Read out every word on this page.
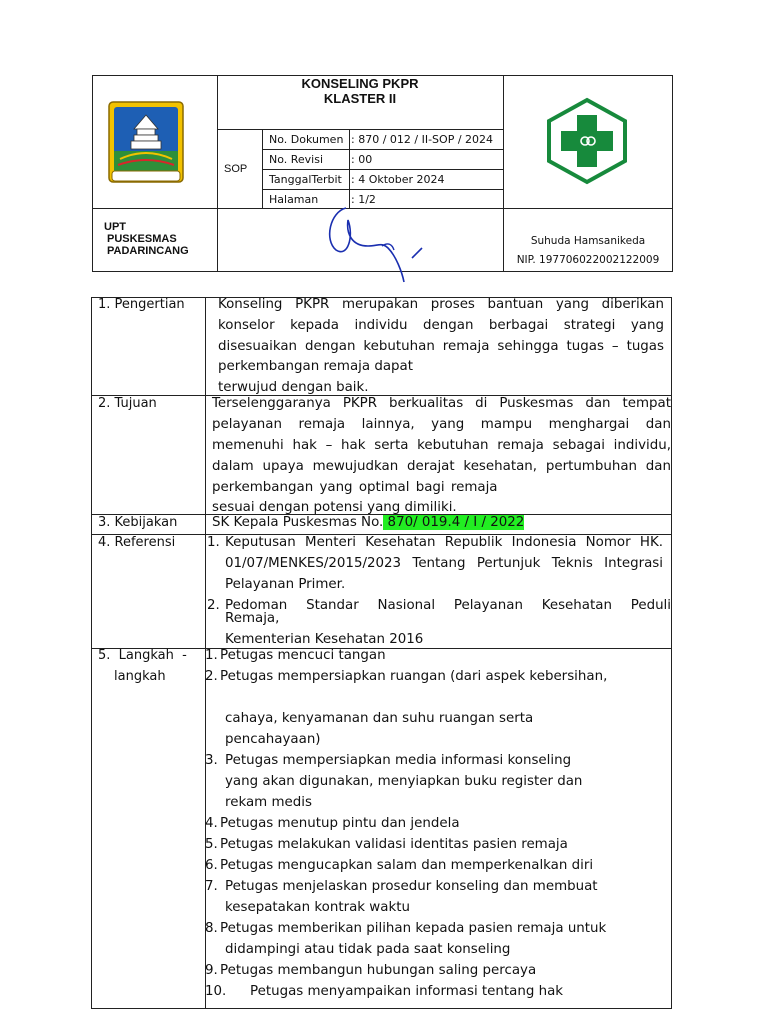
KONSELING PKPR
KLASTER II
SOP
No. Dokumen : 870 / 012 / II-SOP / 2024
No. Revisi	: 00
TanggalTerbit : 4 Oktober 2024
Halaman	: 1/2
UPT
PUSKESMAS
PADARINCANG
Suhuda Hamsanikeda
NIP. 197706022002122009
1. Pengertian Konseling PKPR merupakan proses bantuan yang diberikan
konselor kepada individu dengan berbagai strategi yang
disesuaikan dengan kebutuhan remaja sehingga tugas – tugas
perkembangan remaja dapat
terwujud dengan baik.
2. Tujuan	Terselenggaranya PKPR berkualitas di Puskesmas dan tempat
pelayanan remaja lainnya, yang mampu menghargai dan
memenuhi hak – hak serta kebutuhan remaja sebagai individu,
dalam upaya mewujudkan derajat kesehatan, pertumbuhan dan
perkembangan yang optimal bagi remaja
sesuai dengan potensi yang dimiliki.
3. Kebijakan	SK Kepala Puskesmas No. 870/ 019.4 / I / 2022
4. Referensi 1. Keputusan Menteri Kesehatan Republik Indonesia Nomor HK.
01/07/MENKES/2015/2023 Tentang Pertunjuk Teknis Integrasi
Pelayanan Primer.
2. Pedoman Standar Nasional Pelayanan Kesehatan Peduli
Remaja,
Kementerian Kesehatan 2016
5.  Langkah  -
langkah
1. Petugas mencuci tangan
2. Petugas mempersiapkan ruangan (dari aspek kebersihan,
cahaya, kenyamanan dan suhu ruangan serta
pencahayaan)
3. Petugas mempersiapkan media informasi konseling
yang akan digunakan, menyiapkan buku register dan
rekam medis
4. Petugas menutup pintu dan jendela
5. Petugas melakukan validasi identitas pasien remaja
6. Petugas mengucapkan salam dan memperkenalkan diri
7. Petugas menjelaskan prosedur konseling dan membuat
kesepatakan kontrak waktu
8. Petugas memberikan pilihan kepada pasien remaja untuk
didampingi atau tidak pada saat konseling
9. Petugas membangun hubungan saling percaya
10. Petugas menyampaikan informasi tentang hak
